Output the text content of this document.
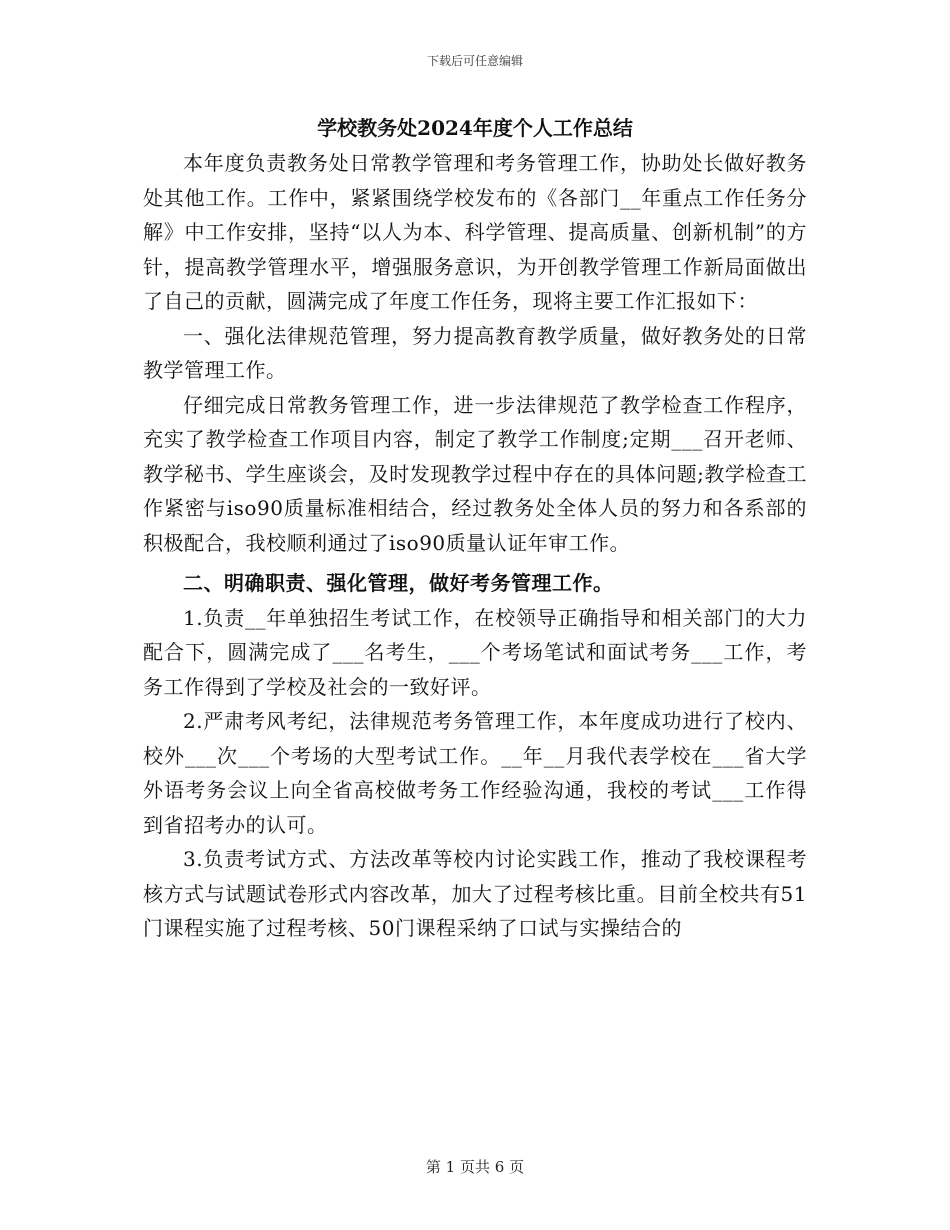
下载后可任意编辑
学校教务处2024年度个人工作总结

本年度负责教务处日常教学管理和考务管理工作，协助处长做好教务处其他工作。工作中，紧紧围绕学校发布的《各部门__年重点工作任务分解》中工作安排，坚持“以人为本、科学管理、提高质量、创新机制”的方针，提高教学管理水平，增强服务意识，为开创教学管理工作新局面做出了自己的贡献，圆满完成了年度工作任务，现将主要工作汇报如下：

一、强化法律规范管理，努力提高教育教学质量，做好教务处的日常教学管理工作。

仔细完成日常教务管理工作，进一步法律规范了教学检查工作程序，充实了教学检查工作项目内容，制定了教学工作制度;定期___召开老师、教学秘书、学生座谈会，及时发现教学过程中存在的具体问题;教学检查工作紧密与iso90质量标准相结合，经过教务处全体人员的努力和各系部的积极配合，我校顺利通过了iso90质量认证年审工作。

二、明确职责、强化管理，做好考务管理工作。

1.负责__年单独招生考试工作，在校领导正确指导和相关部门的大力配合下，圆满完成了___名考生，___个考场笔试和面试考务___工作，考务工作得到了学校及社会的一致好评。

2.严肃考风考纪，法律规范考务管理工作，本年度成功进行了校内、校外___次___个考场的大型考试工作。__年__月我代表学校在___省大学外语考务会议上向全省高校做考务工作经验沟通，我校的考试___工作得到省招考办的认可。

3.负责考试方式、方法改革等校内讨论实践工作，推动了我校课程考核方式与试题试卷形式内容改革，加大了过程考核比重。目前全校共有51门课程实施了过程考核、50门课程采纳了口试与实操结合的

第 1 页共 6 页
